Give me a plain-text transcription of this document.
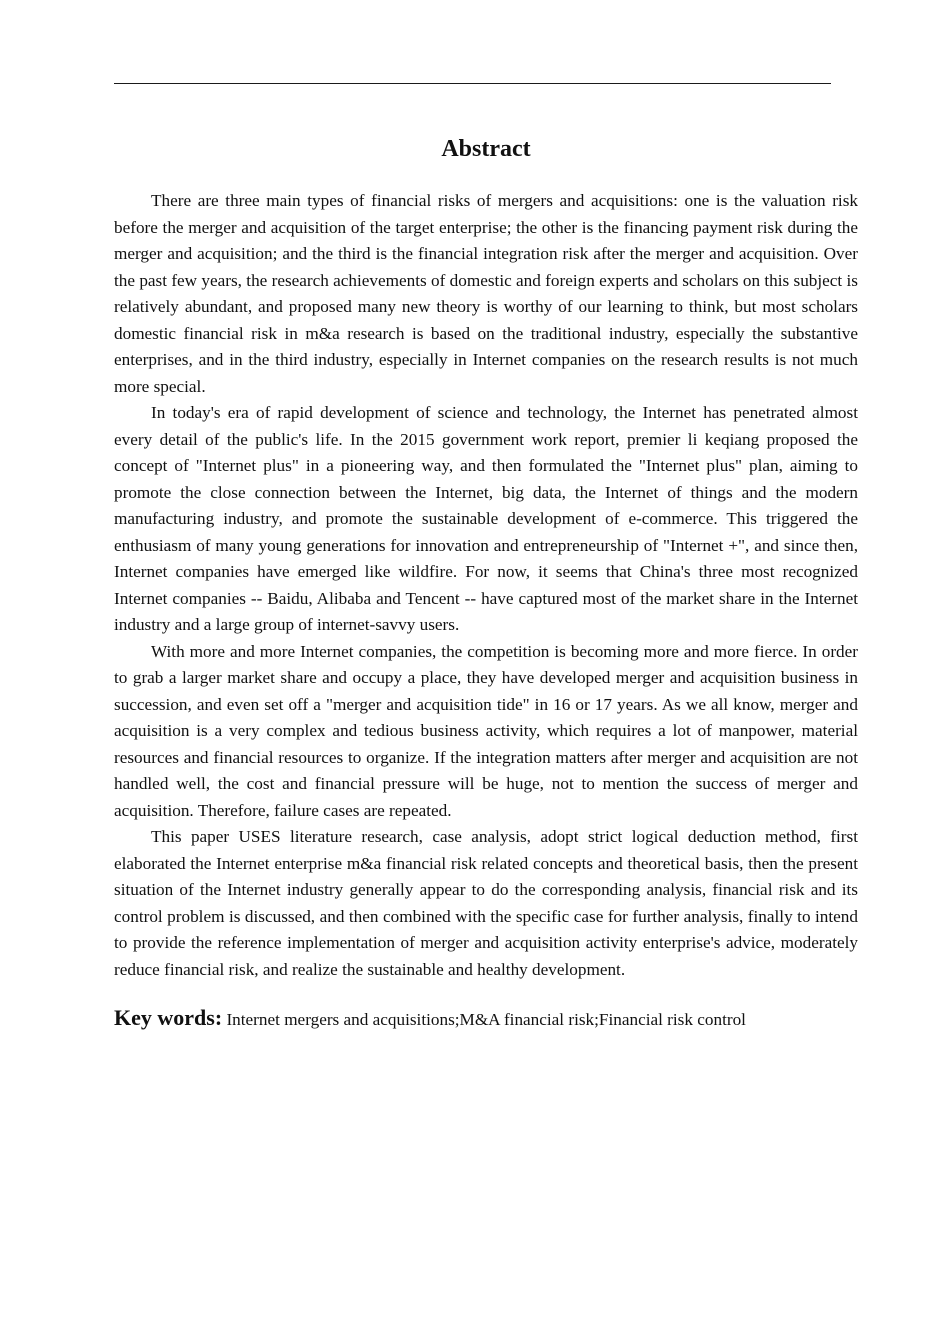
Abstract

There are three main types of financial risks of mergers and acquisitions: one is the valuation risk before the merger and acquisition of the target enterprise; the other is the financing payment risk during the merger and acquisition; and the third is the financial integration risk after the merger and acquisition. Over the past few years, the research achievements of domestic and foreign experts and scholars on this subject is relatively abundant, and proposed many new theory is worthy of our learning to think, but most scholars domestic financial risk in m&a research is based on the traditional industry, especially the substantive enterprises, and in the third industry, especially in Internet companies on the research results is not much more special.

In today's era of rapid development of science and technology, the Internet has penetrated almost every detail of the public's life. In the 2015 government work report, premier li keqiang proposed the concept of "Internet plus" in a pioneering way, and then formulated the "Internet plus" plan, aiming to promote the close connection between the Internet, big data, the Internet of things and the modern manufacturing industry, and promote the sustainable development of e-commerce. This triggered the enthusiasm of many young generations for innovation and entrepreneurship of "Internet +", and since then, Internet companies have emerged like wildfire. For now, it seems that China's three most recognized Internet companies -- Baidu, Alibaba and Tencent -- have captured most of the market share in the Internet industry and a large group of internet-savvy users.

With more and more Internet companies, the competition is becoming more and more fierce. In order to grab a larger market share and occupy a place, they have developed merger and acquisition business in succession, and even set off a "merger and acquisition tide" in 16 or 17 years. As we all know, merger and acquisition is a very complex and tedious business activity, which requires a lot of manpower, material resources and financial resources to organize. If the integration matters after merger and acquisition are not handled well, the cost and financial pressure will be huge, not to mention the success of merger and acquisition. Therefore, failure cases are repeated.

This paper USES literature research, case analysis, adopt strict logical deduction method, first elaborated the Internet enterprise m&a financial risk related concepts and theoretical basis, then the present situation of the Internet industry generally appear to do the corresponding analysis, financial risk and its control problem is discussed, and then combined with the specific case for further analysis, finally to intend to provide the reference implementation of merger and acquisition activity enterprise's advice, moderately reduce financial risk, and realize the sustainable and healthy development.

Key words: Internet mergers and acquisitions;M&A financial risk;Financial risk control
